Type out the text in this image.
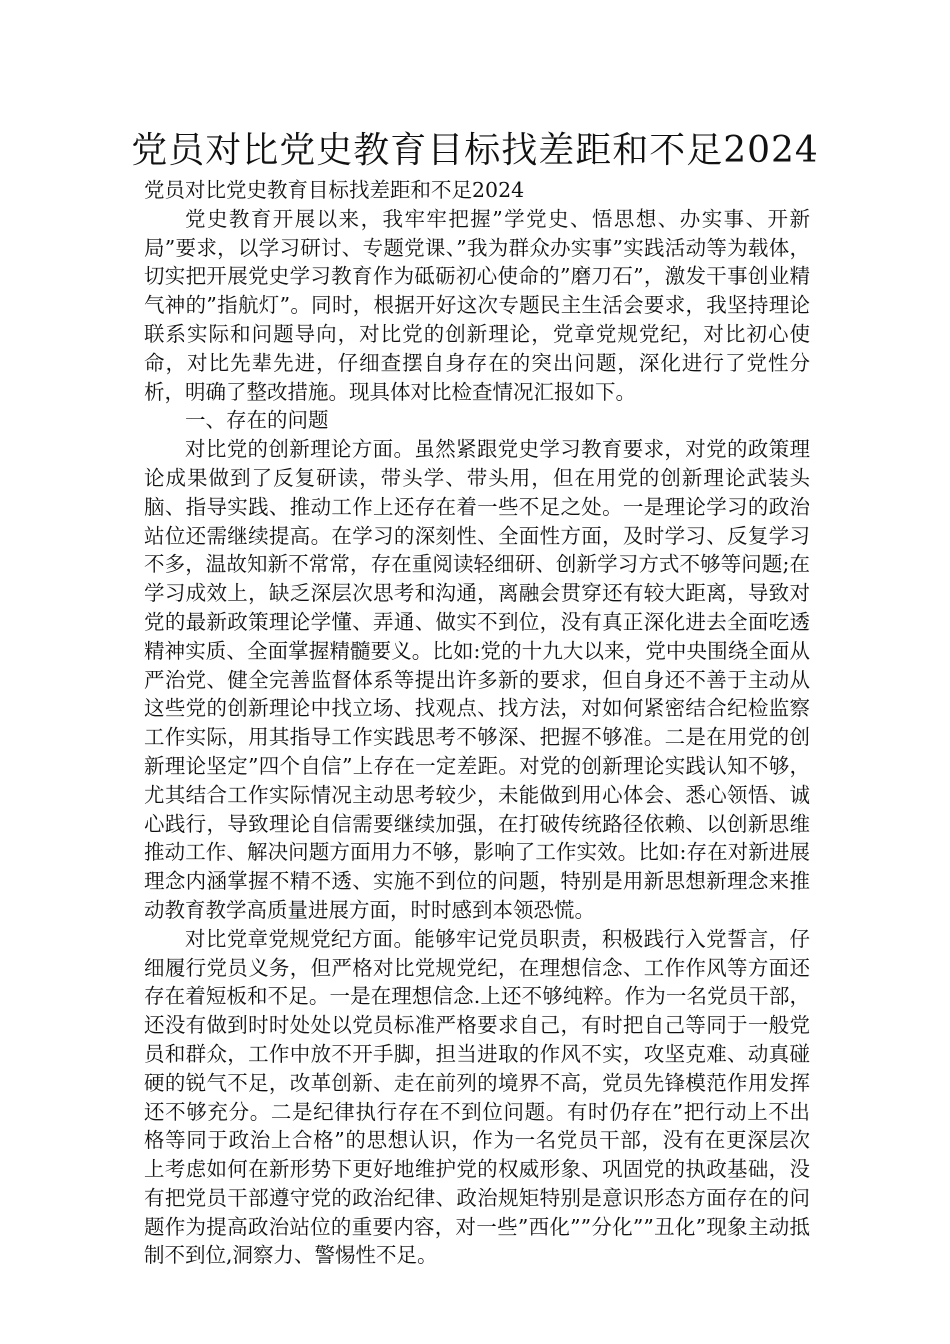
党员对比党史教育目标找差距和不足2024

党员对比党史教育目标找差距和不足2024

党史教育开展以来，我牢牢把握”学党史、悟思想、办实事、开新局”要求，以学习研讨、专题党课、”我为群众办实事”实践活动等为载体，切实把开展党史学习教育作为砥砺初心使命的”磨刀石”，激发干事创业精气神的”指航灯”。同时，根据开好这次专题民主生活会要求，我坚持理论联系实际和问题导向，对比党的创新理论，党章党规党纪，对比初心使命，对比先辈先进，仔细查摆自身存在的突出问题，深化进行了党性分析，明确了整改措施。现具体对比检查情况汇报如下。

一、存在的问题

对比党的创新理论方面。虽然紧跟党史学习教育要求，对党的政策理论成果做到了反复研读，带头学、带头用，但在用党的创新理论武装头脑、指导实践、推动工作上还存在着一些不足之处。一是理论学习的政治站位还需继续提高。在学习的深刻性、全面性方面，及时学习、反复学习不多，温故知新不常常，存在重阅读轻细研、创新学习方式不够等问题;在学习成效上，缺乏深层次思考和沟通，离融会贯穿还有较大距离，导致对党的最新政策理论学懂、弄通、做实不到位，没有真正深化进去全面吃透精神实质、全面掌握精髓要义。比如:党的十九大以来，党中央围绕全面从严治党、健全完善监督体系等提出许多新的要求，但自身还不善于主动从这些党的创新理论中找立场、找观点、找方法，对如何紧密结合纪检监察工作实际，用其指导工作实践思考不够深、把握不够准。二是在用党的创新理论坚定”四个自信”上存在一定差距。对党的创新理论实践认知不够，尤其结合工作实际情况主动思考较少，未能做到用心体会、悉心领悟、诚心践行，导致理论自信需要继续加强，在打破传统路径依赖、以创新思维推动工作、解决问题方面用力不够，影响了工作实效。比如:存在对新进展理念内涵掌握不精不透、实施不到位的问题，特别是用新思想新理念来推动教育教学高质量进展方面，时时感到本领恐慌。

对比党章党规党纪方面。能够牢记党员职责，积极践行入党誓言，仔细履行党员义务，但严格对比党规党纪，在理想信念、工作作风等方面还存在着短板和不足。一是在理想信念.上还不够纯粹。作为一名党员干部，还没有做到时时处处以党员标准严格要求自己，有时把自己等同于一般党员和群众，工作中放不开手脚，担当进取的作风不实，攻坚克难、动真碰硬的锐气不足，改革创新、走在前列的境界不高，党员先锋模范作用发挥还不够充分。二是纪律执行存在不到位问题。有时仍存在”把行动上不出格等同于政治上合格”的思想认识，作为一名党员干部，没有在更深层次上考虑如何在新形势下更好地维护党的权威形象、巩固党的执政基础，没有把党员干部遵守党的政治纪律、政治规矩特别是意识形态方面存在的问题作为提高政治站位的重要内容，对一些”西化””分化””丑化”现象主动抵制不到位,洞察力、警惕性不足。
